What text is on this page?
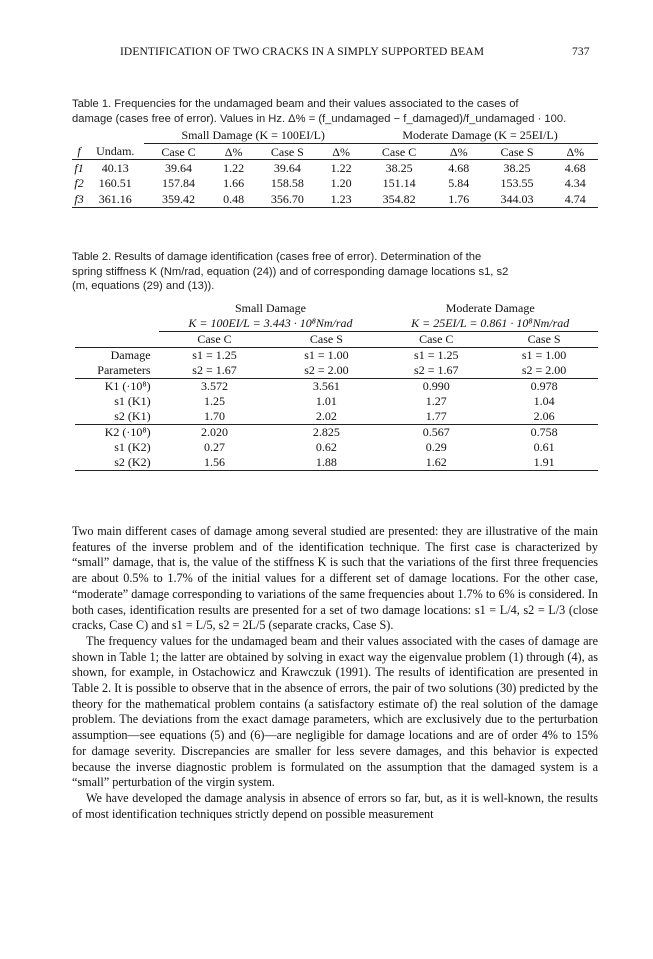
IDENTIFICATION OF TWO CRACKS IN A SIMPLY SUPPORTED BEAM	737
Table 1. Frequencies for the undamaged beam and their values associated to the cases of
damage (cases free of error). Values in Hz. Δ% = (f_undamaged − f_damaged)/f_undamaged · 100.
		Small Damage (K = 100EI/L)				Moderate Damage (K = 25EI/L)			
f	Undam.	Case C	Δ%	Case S	Δ%	Case C	Δ%	Case S	Δ%
f1	40.13	39.64	1.22	39.64	1.22	38.25	4.68	38.25	4.68
f2	160.51	157.84	1.66	158.58	1.20	151.14	5.84	153.55	4.34
f3	361.16	359.42	0.48	356.70	1.23	354.82	1.76	344.03	4.74
Table 2. Results of damage identification (cases free of error). Determination of the
spring stiffness K (Nm/rad, equation (24)) and of corresponding damage locations s1, s2
(m, equations (29) and (13)).
	Small Damage		Moderate Damage	
	K = 100EI/L = 3.443 · 10⁸Nm/rad		K = 25EI/L = 0.861 · 10⁸Nm/rad	
	Case C	Case S	Case C	Case S
Damage	s1 = 1.25	s1 = 1.00	s1 = 1.25	s1 = 1.00
Parameters	s2 = 1.67	s2 = 2.00	s2 = 1.67	s2 = 2.00
K1 (·10⁸)	3.572	3.561	0.990	0.978
s1 (K1)	1.25	1.01	1.27	1.04
s2 (K1)	1.70	2.02	1.77	2.06
K2 (·10⁸)	2.020	2.825	0.567	0.758
s1 (K2)	0.27	0.62	0.29	0.61
s2 (K2)	1.56	1.88	1.62	1.91

Two main different cases of damage among several studied are presented: they are illustrative of the main features of the inverse problem and of the identification technique. The first case is characterized by “small” damage, that is, the value of the stiffness K is such that the variations of the first three frequencies are about 0.5% to 1.7% of the initial values for a different set of damage locations. For the other case, “moderate” damage corresponding to variations of the same frequencies about 1.7% to 6% is considered. In both cases, identification results are presented for a set of two damage locations: s1 = L/4, s2 = L/3 (close cracks, Case C) and s1 = L/5, s2 = 2L/5 (separate cracks, Case S).

The frequency values for the undamaged beam and their values associated with the cases of damage are shown in Table 1; the latter are obtained by solving in exact way the eigenvalue problem (1) through (4), as shown, for example, in Ostachowicz and Krawczuk (1991). The results of identification are presented in Table 2. It is possible to observe that in the absence of errors, the pair of two solutions (30) predicted by the theory for the mathematical problem contains (a satisfactory estimate of) the real solution of the damage problem. The deviations from the exact damage parameters, which are exclusively due to the perturbation assumption—see equations (5) and (6)—are negligible for damage locations and are of order 4% to 15% for damage severity. Discrepancies are smaller for less severe damages, and this behavior is expected because the inverse diagnostic problem is formulated on the assumption that the damaged system is a “small” perturbation of the virgin system.

We have developed the damage analysis in absence of errors so far, but, as it is well-known, the results of most identification techniques strictly depend on possible measurement
